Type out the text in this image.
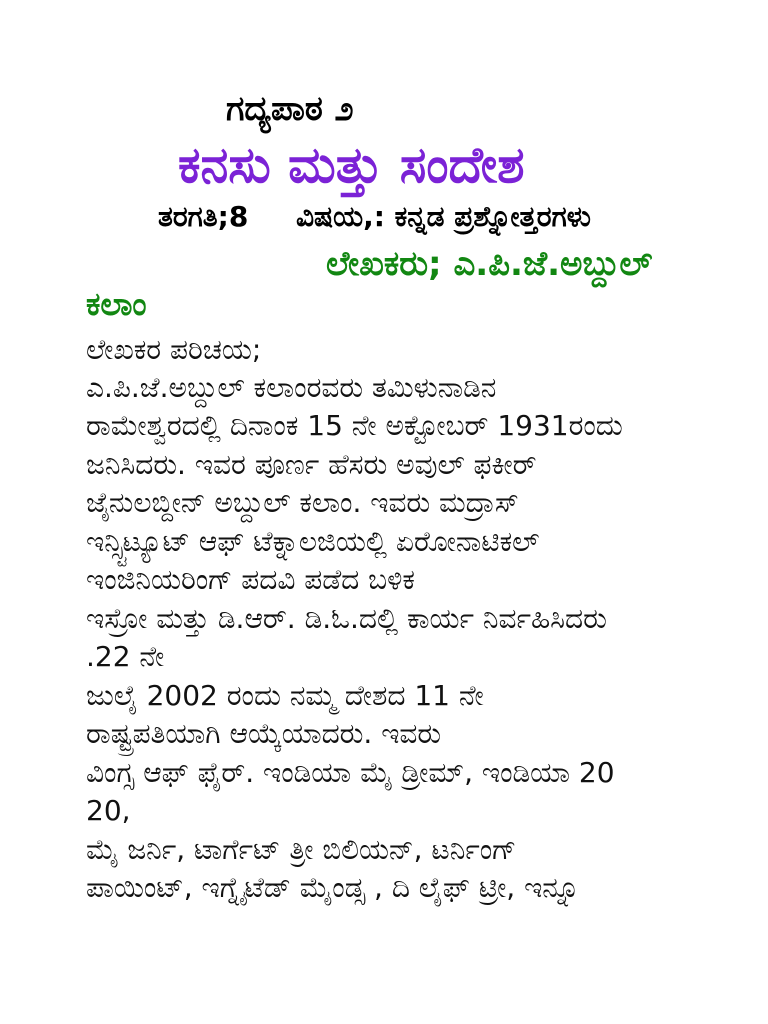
ಗದ್ಯಪಾಠ ೨
ಕನಸು ಮತ್ತು ಸಂದೇಶ
ತರಗತಿ;8 ವಿಷಯ,: ಕನ್ನಡ ಪ್ರಶ್ನೋತ್ತರಗಳು
ಲೇಖಕರು; ಎ.ಪಿ.ಜೆ.ಅಬ್ದುಲ್
ಕಲಾಂ
ಲೇಖಕರ ಪರಿಚಯ;
ಎ.ಪಿ.ಜೆ.ಅಬ್ದುಲ್ ಕಲಾಂರವರು ತಮಿಳುನಾಡಿನ
ರಾಮೇಶ್ವರದಲ್ಲಿ ದಿನಾಂಕ 15 ನೇ ಅಕ್ಟೋಬರ್ 1931ರಂದು
ಜನಿಸಿದರು. ಇವರ ಪೂರ್ಣ ಹೆಸರು ಅವುಲ್ ಫಕೀರ್
ಜೈನುಲಬ್ದೀನ್ ಅಬ್ದುಲ್ ಕಲಾಂ. ಇವರು ಮದ್ರಾಸ್
ಇನ್ಸ್ಟಿಟ್ಯೂಟ್ ಆಫ್ ಟೆಕ್ನಾಲಜಿಯಲ್ಲಿ ಏರೋನಾಟಿಕಲ್
ಇಂಜಿನಿಯರಿಂಗ್ ಪದವಿ ಪಡೆದ ಬಳಿಕ
ಇಸ್ರೋ ಮತ್ತು ಡಿ.ಆರ್. ಡಿ.ಓ.ದಲ್ಲಿ ಕಾರ್ಯ ನಿರ್ವಹಿಸಿದರು
.22 ನೇ
ಜುಲೈ 2002 ರಂದು ನಮ್ಮ ದೇಶದ 11 ನೇ
ರಾಷ್ಟ್ರಪತಿಯಾಗಿ ಆಯ್ಕೆಯಾದರು. ಇವರು
ವಿಂಗ್ಸ ಆಫ್ ಫೈರ್. ಇಂಡಿಯಾ ಮೈ ಡ್ರೀಮ್, ಇಂಡಿಯಾ 20
20,
ಮೈ ಜರ್ನಿ, ಟಾರ್ಗೆಟ್ ತ್ರೀ ಬಿಲಿಯನ್, ಟರ್ನಿಂಗ್
ಪಾಯಿಂಟ್, ಇಗ್ನೈಟೆಡ್ ಮೈಂಡ್ಸ , ದಿ ಲೈಫ್ ಟ್ರೀ, ಇನ್ನೂ
